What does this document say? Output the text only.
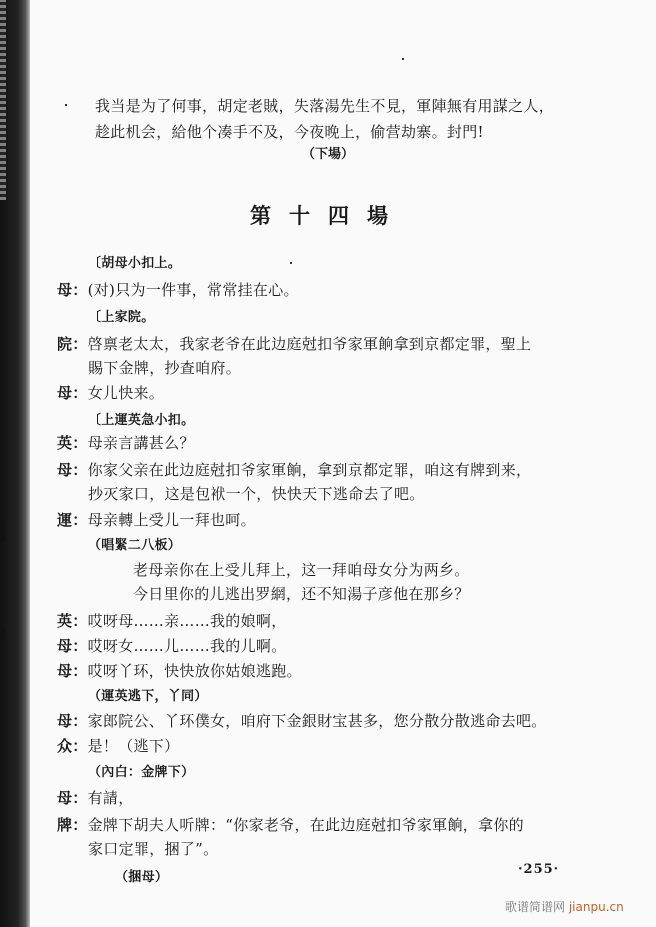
我当是为了何事，胡定老賊，失落湯先生不見，軍陣無有用謀之人，
趁此机会，給他个凑手不及，今夜晚上，偷营劫寨。封門!
（下場）
第十四場
〔胡母小扣上。
母：(对)只为一件事，常常挂在心。
〔上家院。
院：啓禀老太太，我家老爷在此边庭尅扣爷家軍餉拿到京都定罪，聖上
賜下金牌，抄查咱府。
母：女儿快来。
〔上運英急小扣。
英：母亲言講甚么？
母：你家父亲在此边庭尅扣爷家軍餉，拿到京都定罪，咱这有牌到来，
抄灭家口，这是包袱一个，快快天下逃命去了吧。
運：母亲轉上受儿一拜也呵。
（唱緊二八板）
老母亲你在上受儿拜上，这一拜咱母女分为两乡。
今日里你的儿逃出罗網，还不知湯子彦他在那乡？
英：哎呀母……亲……我的娘啊，
母：哎呀女……儿……我的儿啊。
母：哎呀丫环，快快放你姑娘逃跑。
（運英逃下，丫同）
母：家郎院公、丫环僕女，咱府下金銀財宝甚多，您分散分散逃命去吧。
众：是！（逃下）
（內白：金牌下）
母：有請，
牌：金牌下胡夫人听牌：“你家老爷，在此边庭尅扣爷家軍餉，拿你的
家口定罪，捆了”。
（捆母）
·255·
歌谱简谱网 jianpu.cn
